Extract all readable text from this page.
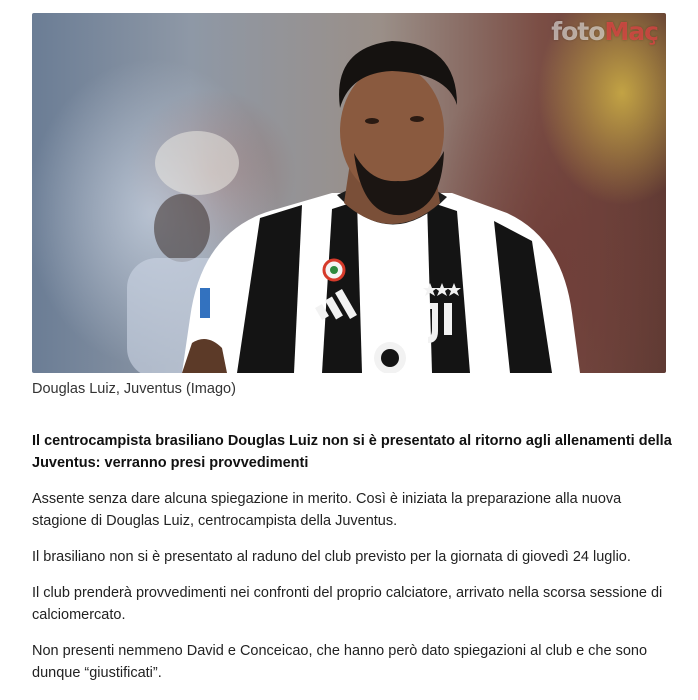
fotoMaç
Douglas Luiz, Juventus (Imago)

Il centrocampista brasiliano Douglas Luiz non si è presentato al ritorno agli allenamenti della Juventus: verranno presi provvedimenti

Assente senza dare alcuna spiegazione in merito. Così è iniziata la preparazione alla nuova stagione di Douglas Luiz, centrocampista della Juventus.

Il brasiliano non si è presentato al raduno del club previsto per la giornata di giovedì 24 luglio.

Il club prenderà provvedimenti nei confronti del proprio calciatore, arrivato nella scorsa sessione di calciomercato.

Non presenti nemmeno David e Conceicao, che hanno però dato spiegazioni al club e che sono dunque “giustificati”.
